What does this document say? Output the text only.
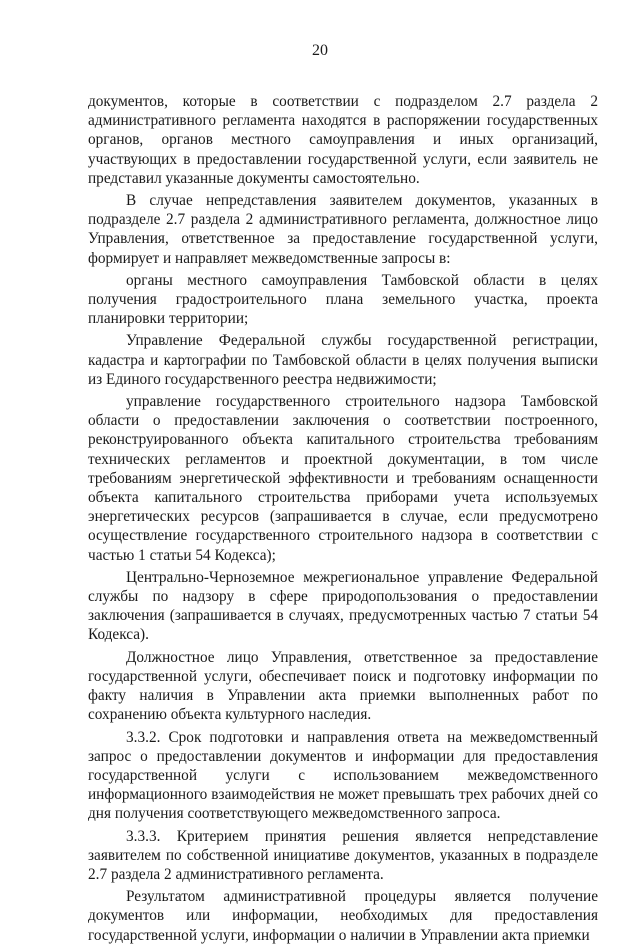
20

документов, которые в соответствии с подразделом 2.7 раздела 2 административного регламента находятся в распоряжении государственных органов, органов местного самоуправления и иных организаций, участвующих в предоставлении государственной услуги, если заявитель не представил указанные документы самостоятельно.

В случае непредставления заявителем документов, указанных в подразделе 2.7 раздела 2 административного регламента, должностное лицо Управления, ответственное за предоставление государственной услуги, формирует и направляет межведомственные запросы в:

органы местного самоуправления Тамбовской области в целях получения градостроительного плана земельного участка, проекта планировки территории;

Управление Федеральной службы государственной регистрации, кадастра и картографии по Тамбовской области в целях получения выписки из Единого государственного реестра недвижимости;

управление государственного строительного надзора Тамбовской области о предоставлении заключения о соответствии построенного, реконструированного объекта капитального строительства требованиям технических регламентов и проектной документации, в том числе требованиям энергетической эффективности и требованиям оснащенности объекта капитального строительства приборами учета используемых энергетических ресурсов (запрашивается в случае, если предусмотрено осуществление государственного строительного надзора в соответствии с частью 1 статьи 54 Кодекса);

Центрально-Черноземное межрегиональное управление Федеральной службы по надзору в сфере природопользования о предоставлении заключения (запрашивается в случаях, предусмотренных частью 7 статьи 54 Кодекса).

Должностное лицо Управления, ответственное за предоставление государственной услуги, обеспечивает поиск и подготовку информации по факту наличия в Управлении акта приемки выполненных работ по сохранению объекта культурного наследия.

3.3.2. Срок подготовки и направления ответа на межведомственный запрос о предоставлении документов и информации для предоставления государственной услуги с использованием межведомственного информационного взаимодействия не может превышать трех рабочих дней со дня получения соответствующего межведомственного запроса.

3.3.3. Критерием принятия решения является непредставление заявителем по собственной инициативе документов, указанных в подразделе 2.7 раздела 2 административного регламента.

Результатом административной процедуры является получение документов или информации, необходимых для предоставления государственной услуги, информации о наличии в Управлении акта приемки
